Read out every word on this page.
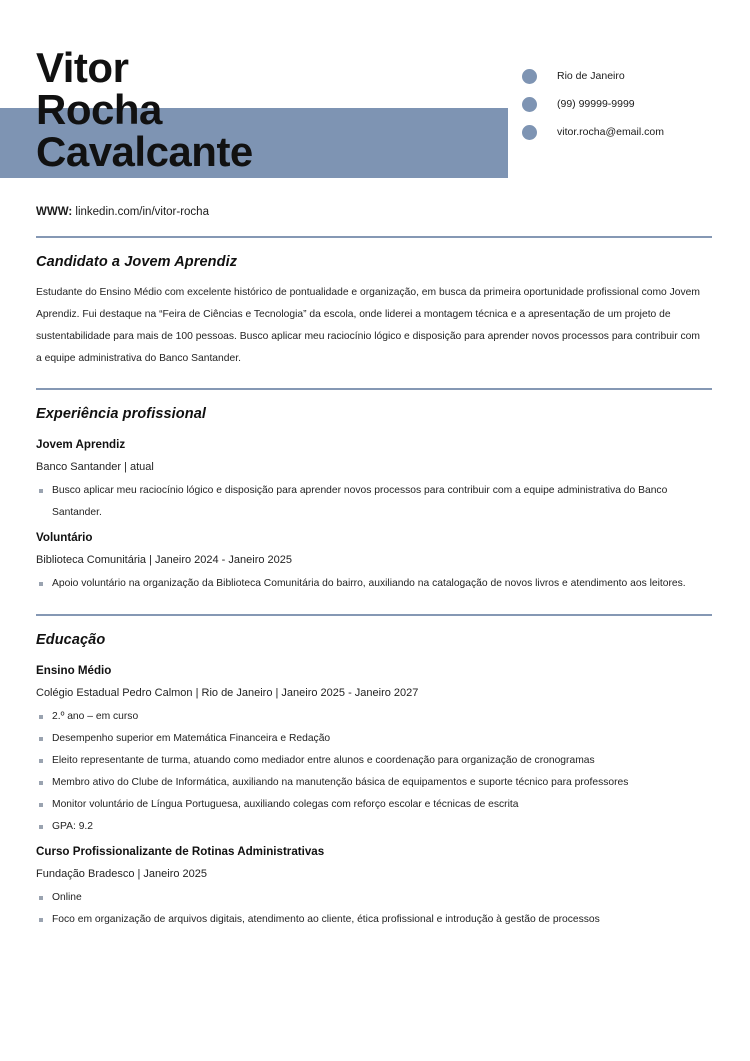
Vitor
Rocha
Cavalcante
Rio de Janeiro
(99) 99999-9999
vitor.rocha@email.com
WWW: linkedin.com/in/vitor-rocha
Candidato a Jovem Aprendiz
Estudante do Ensino Médio com excelente histórico de pontualidade e organização, em busca da primeira oportunidade profissional como Jovem Aprendiz. Fui destaque na “Feira de Ciências e Tecnologia” da escola, onde liderei a montagem técnica e a apresentação de um projeto de sustentabilidade para mais de 100 pessoas. Busco aplicar meu raciocínio lógico e disposição para aprender novos processos para contribuir com a equipe administrativa do Banco Santander.
Experiência profissional
Jovem Aprendiz
Banco Santander | atual
Busco aplicar meu raciocínio lógico e disposição para aprender novos processos para contribuir com a equipe administrativa do Banco Santander.
Voluntário
Biblioteca Comunitária | Janeiro 2024 - Janeiro 2025
Apoio voluntário na organização da Biblioteca Comunitária do bairro, auxiliando na catalogação de novos livros e atendimento aos leitores.
Educação
Ensino Médio
Colégio Estadual Pedro Calmon | Rio de Janeiro | Janeiro 2025 - Janeiro 2027
2.º ano – em curso
Desempenho superior em Matemática Financeira e Redação
Eleito representante de turma, atuando como mediador entre alunos e coordenação para organização de cronogramas
Membro ativo do Clube de Informática, auxiliando na manutenção básica de equipamentos e suporte técnico para professores
Monitor voluntário de Língua Portuguesa, auxiliando colegas com reforço escolar e técnicas de escrita
GPA: 9.2
Curso Profissionalizante de Rotinas Administrativas
Fundação Bradesco | Janeiro 2025
Online
Foco em organização de arquivos digitais, atendimento ao cliente, ética profissional e introdução à gestão de processos
